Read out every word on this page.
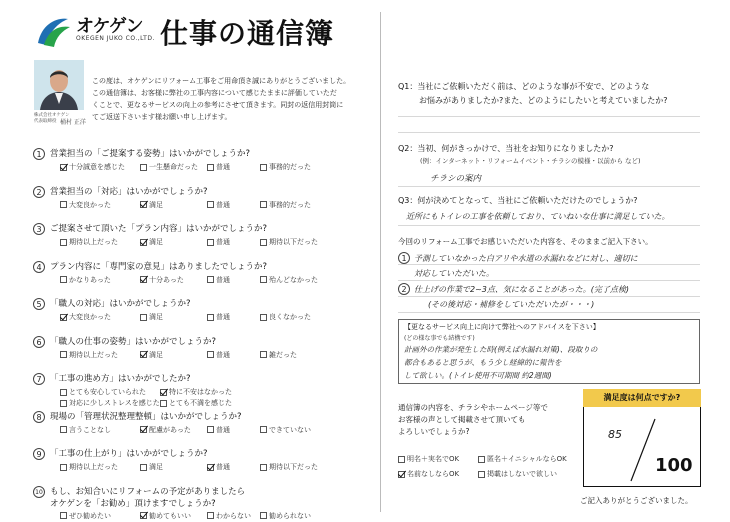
オケゲン
OKEGEN JUKO CO.,LTD. 仕事の通信簿
株式会社オケゲン
代表取締役 桶村 正洋
この度は、オケゲンにリフォーム工事をご用命頂き誠にありがとうございました。
この通信簿は、お客様に弊社の工事内容について感じたままに評価していただ
くことで、更なるサービスの向上の参考にさせて頂きます。同封の返信用封筒に
てご返送下さいます様お願い申し上げます。
1 営業担当の「ご提案する姿勢」はいかがでしょうか?
十分誠意を感じた	一生懸命だった	普通	事務的だった
2 営業担当の「対応」はいかがでしょうか?
大変良かった	満足	普通	事務的だった
3 ご提案させて頂いた「プラン内容」はいかがでしょうか?
期待以上だった	満足	普通	期待以下だった
4 プラン内容に「専門家の意見」はありましたでしょうか?
かなりあった	十分あった	普通	殆んどなかった
5 「職人の対応」はいかがでしょうか?
大変良かった	満足	普通	良くなかった
6 「職人の仕事の姿勢」はいかがでしょうか?
期待以上だった	満足	普通	雑だった
7 「工事の進め方」はいかがでしたか?
とても安心していられた	特に不安はなかった
対応に少しストレスを感じた とても不満を感じた
8 現場の「管理状況整理整頓」はいかがでしょうか?
言うことなし	配慮があった	普通	できていない
9 「工事の仕上がり」はいかがでしょうか?
期待以上だった	満足	普通	期待以下だった
10 もし、お知合いにリフォームの予定がありましたら
オケゲンを「お勧め」頂けますでしょうか?
ぜひ勧めたい	勧めてもいい	わからない	勧められない
Q1：当社にご依頼いただく前は、どのような事が不安で、どのような
お悩みがありましたか?また、どのようにしたいと考えていましたか?
Q2：当初、何がきっかけで、当社をお知りになりましたか?
(例：インターネット・リフォームイベント・チラシの模様・以前から など)
チラシの案内
Q3：何が決めてとなって、当社にご依頼いただけたのでしょうか?
近所にもトイレの工事を依頼しており、ていねいな仕事に満足していた。
今回のリフォーム工事でお感じいただいた内容を、そのままご記入下さい。
1 予測していなかった白アリや水道の水漏れなどに対し、適切に
対応していただいた。
2 仕上げの作業で2~3点、気になることがあった。(完了点検)
(その後対応・補修をしていただいたが・・・)
【更なるサービス向上に向けて弊社へのアドバイスを下さい】
(どの様な事でも結構です)
計画外の作業が発生した時(例えば水漏れ対策)、段取りの
都合もあると思うが、もう少し経緯的に報告を
して欲しい。(トイレ使用不可期間 約2週間)
通信簿の内容を、チラシやホームページ等で
お客様の声として掲載させて頂いても
よろしいでしょうか?
明名＋実名でOK	匿名＋イニシャルならOK
名前なしならOK	掲載はしないで欲しい
満足度は何点ですか?
85
100
ご記入ありがとうございました。
